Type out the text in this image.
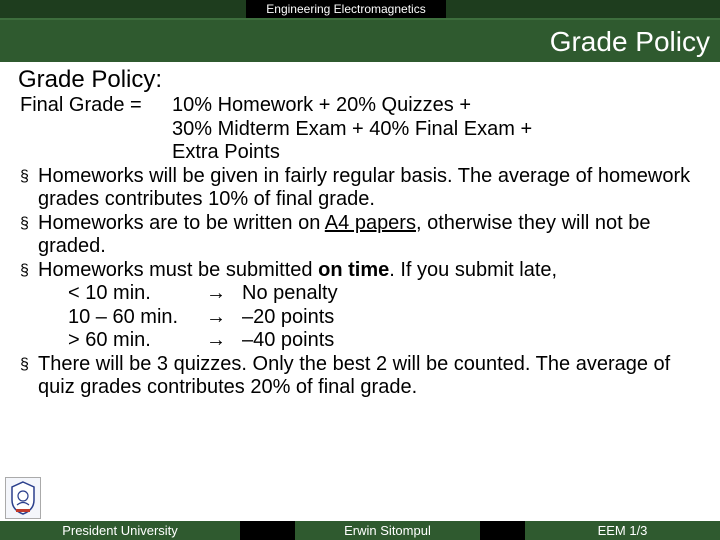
Engineering Electromagnetics
Grade Policy
Grade Policy:
Final Grade =	10% Homework + 20% Quizzes +
30% Midterm Exam + 40% Final Exam +
Extra Points
§ Homeworks will be given in fairly regular basis. The average of homework grades contributes 10% of final grade.
§ Homeworks are to be written on A4 papers, otherwise they will not be graded.
§ Homeworks must be submitted on time. If you submit late,
< 10 min.	→ No penalty
10 – 60 min.	→ –20 points
> 60 min.	→ –40 points
§ There will be 3 quizzes. Only the best 2 will be counted. The average of quiz grades contributes 20% of final grade.
President University	Erwin Sitompul	EEM 1/3
